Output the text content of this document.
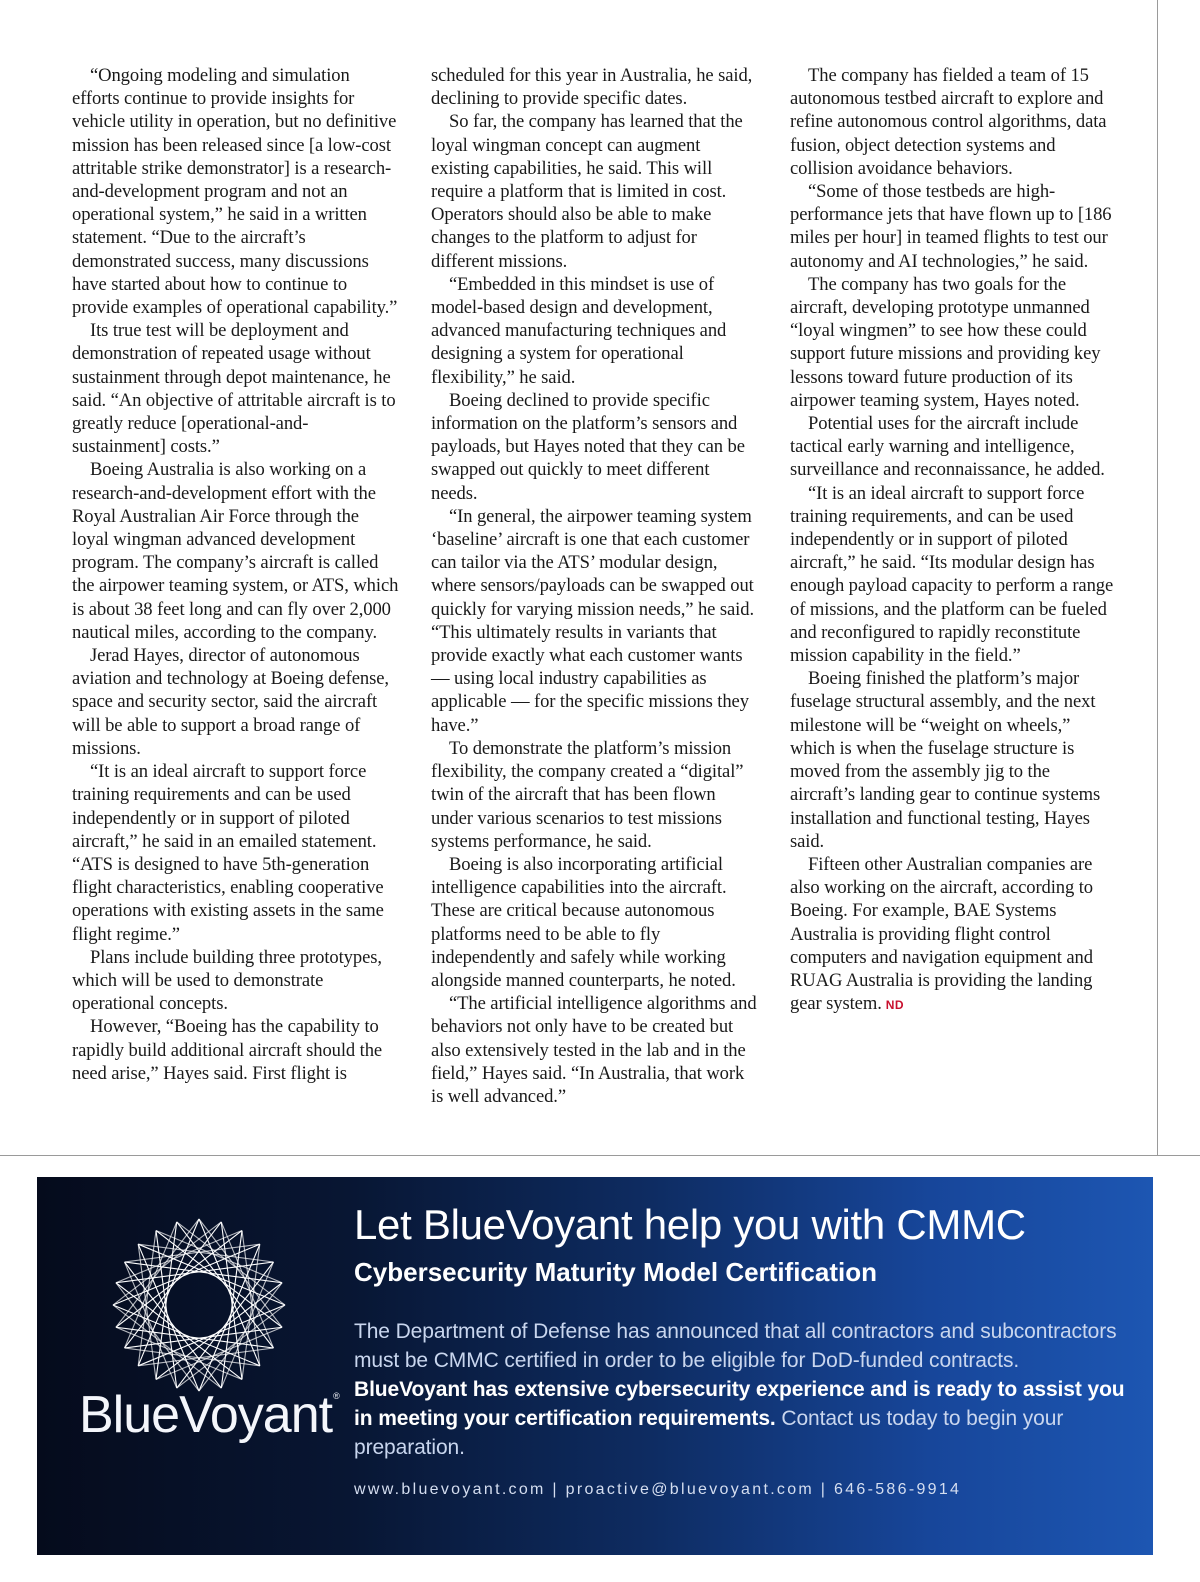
“Ongoing modeling and simulation efforts continue to provide insights for vehicle utility in operation, but no definitive mission has been released since [a low-cost attritable strike demonstrator] is a research-and-development program and not an operational system,” he said in a written statement. “Due to the aircraft’s demonstrated success, many discussions have started about how to continue to provide examples of operational capability.”

Its true test will be deployment and demonstration of repeated usage without sustainment through depot maintenance, he said. “An objective of attritable aircraft is to greatly reduce [operational-and-sustainment] costs.”

Boeing Australia is also working on a research-and-development effort with the Royal Australian Air Force through the loyal wingman advanced development program. The company’s aircraft is called the airpower teaming system, or ATS, which is about 38 feet long and can fly over 2,000 nautical miles, according to the company.

Jerad Hayes, director of autonomous aviation and technology at Boeing defense, space and security sector, said the aircraft will be able to support a broad range of missions.

“It is an ideal aircraft to support force training requirements and can be used independently or in support of piloted aircraft,” he said in an emailed statement. “ATS is designed to have 5th-generation flight characteristics, enabling cooperative operations with existing assets in the same flight regime.”

Plans include building three prototypes, which will be used to demonstrate operational concepts.

However, “Boeing has the capability to rapidly build additional aircraft should the need arise,” Hayes said. First flight is

scheduled for this year in Australia, he said, declining to provide specific dates.

So far, the company has learned that the loyal wingman concept can augment existing capabilities, he said. This will require a platform that is limited in cost. Operators should also be able to make changes to the platform to adjust for different missions.

“Embedded in this mindset is use of model-based design and development, advanced manufacturing techniques and designing a system for operational flexibility,” he said.

Boeing declined to provide specific information on the platform’s sensors and payloads, but Hayes noted that they can be swapped out quickly to meet different needs.

“In general, the airpower teaming system ‘baseline’ aircraft is one that each customer can tailor via the ATS’ modular design, where sensors/payloads can be swapped out quickly for varying mission needs,” he said. “This ultimately results in variants that provide exactly what each customer wants — using local industry capabilities as applicable — for the specific missions they have.”

To demonstrate the platform’s mission flexibility, the company created a “digital” twin of the aircraft that has been flown under various scenarios to test missions systems performance, he said.

Boeing is also incorporating artificial intelligence capabilities into the aircraft. These are critical because autonomous platforms need to be able to fly independently and safely while working alongside manned counterparts, he noted.

“The artificial intelligence algorithms and behaviors not only have to be created but also extensively tested in the lab and in the field,” Hayes said. “In Australia, that work is well advanced.”

The company has fielded a team of 15 autonomous testbed aircraft to explore and refine autonomous control algorithms, data fusion, object detection systems and collision avoidance behaviors.

“Some of those testbeds are high-performance jets that have flown up to [186 miles per hour] in teamed flights to test our autonomy and AI technologies,” he said.

The company has two goals for the aircraft, developing prototype unmanned “loyal wingmen” to see how these could support future missions and providing key lessons toward future production of its airpower teaming system, Hayes noted.

Potential uses for the aircraft include tactical early warning and intelligence, surveillance and reconnaissance, he added.

“It is an ideal aircraft to support force training requirements, and can be used independently or in support of piloted aircraft,” he said. “Its modular design has enough payload capacity to perform a range of missions, and the platform can be fueled and reconfigured to rapidly reconstitute mission capability in the field.”

Boeing finished the platform’s major fuselage structural assembly, and the next milestone will be “weight on wheels,” which is when the fuselage structure is moved from the assembly jig to the aircraft’s landing gear to continue systems installation and functional testing, Hayes said.

Fifteen other Australian companies are also working on the aircraft, according to Boeing. For example, BAE Systems Australia is providing flight control computers and navigation equipment and RUAG Australia is providing the landing gear system. ND

BlueVoyant®
Let BlueVoyant help you with CMMC
Cybersecurity Maturity Model Certification
The Department of Defense has announced that all contractors and subcontractors must be CMMC certified in order to be eligible for DoD-funded contracts. BlueVoyant has extensive cybersecurity experience and is ready to assist you in meeting your certification requirements. Contact us today to begin your preparation.
www.bluevoyant.com | proactive@bluevoyant.com | 646-586-9914
